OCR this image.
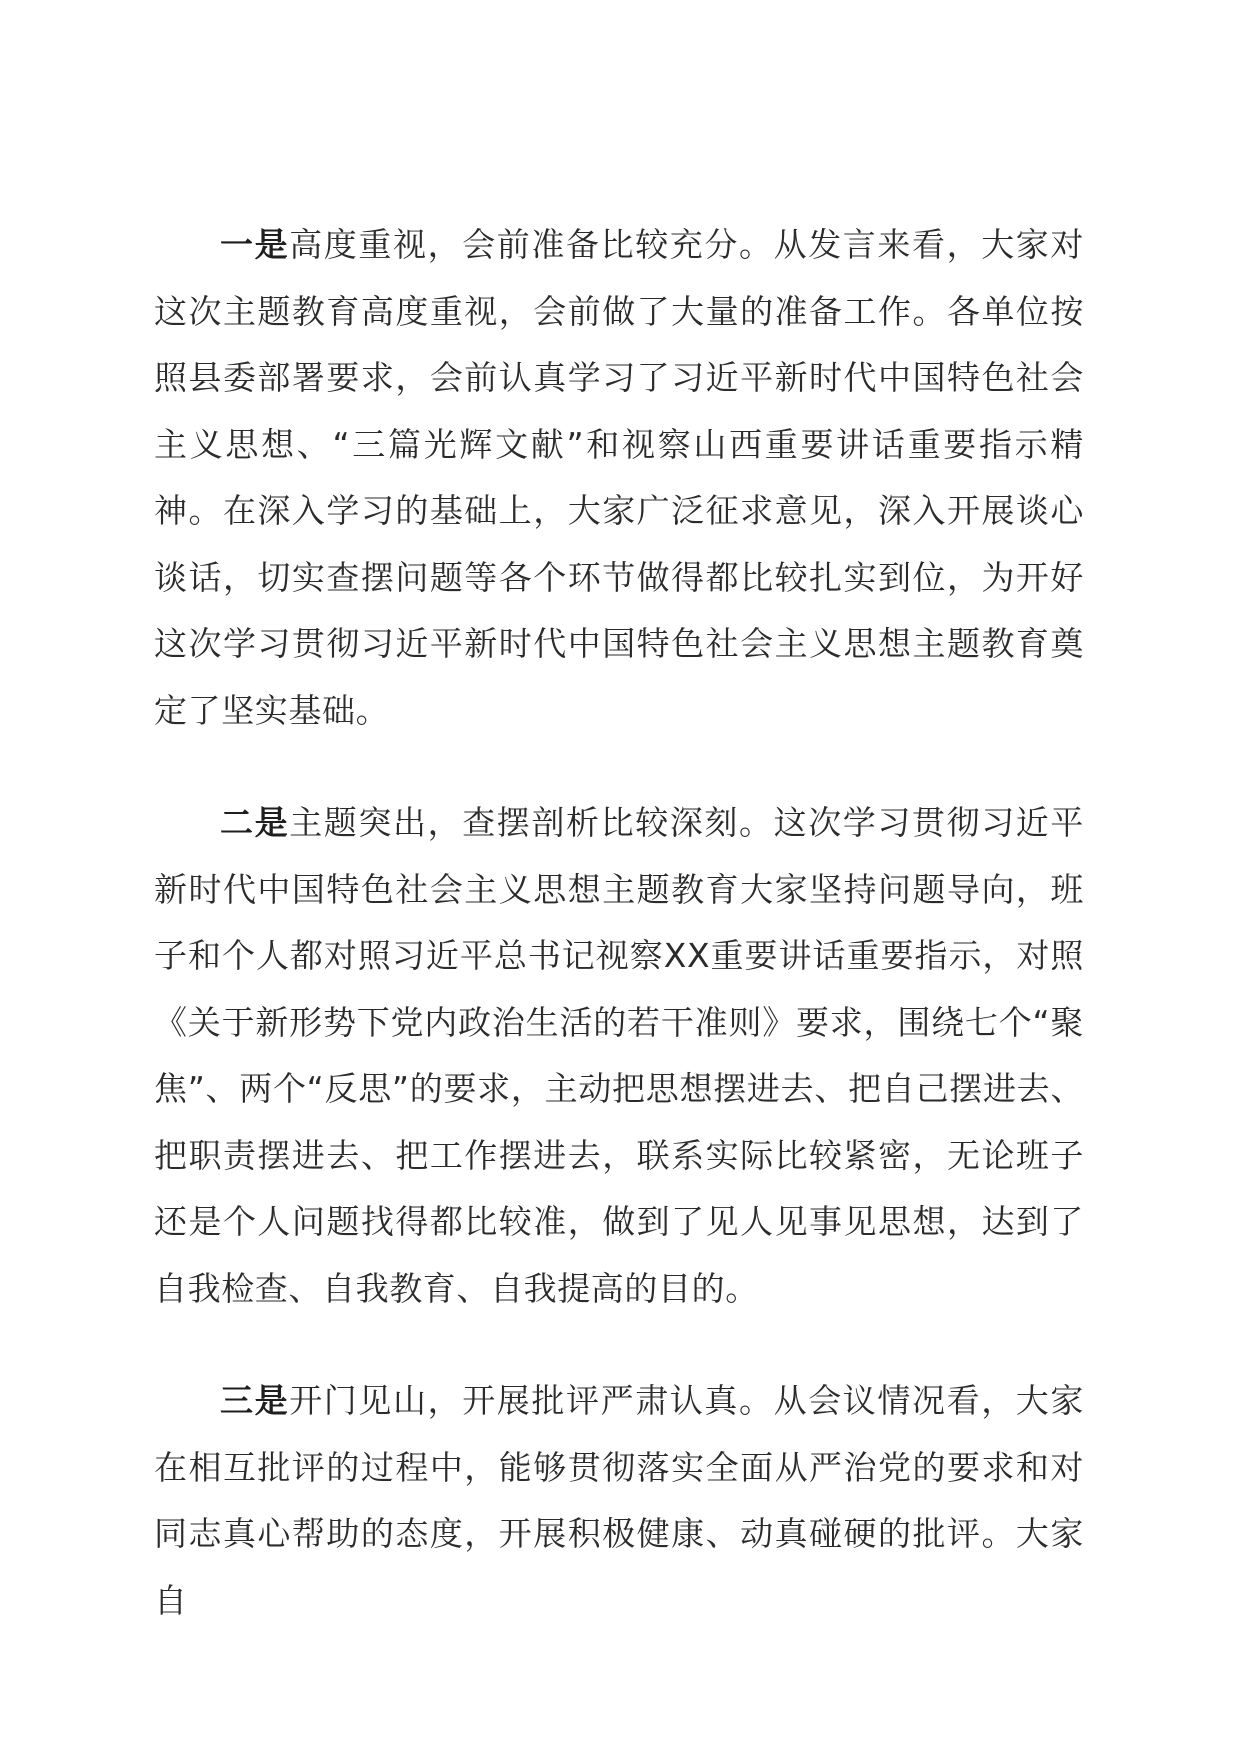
一是高度重视，会前准备比较充分。从发言来看，大家对这次主题教育高度重视，会前做了大量的准备工作。各单位按照县委部署要求，会前认真学习了习近平新时代中国特色社会主义思想、“三篇光辉文献”和视察山西重要讲话重要指示精神。在深入学习的基础上，大家广泛征求意见，深入开展谈心谈话，切实查摆问题等各个环节做得都比较扎实到位，为开好这次学习贯彻习近平新时代中国特色社会主义思想主题教育奠定了坚实基础。

二是主题突出，查摆剖析比较深刻。这次学习贯彻习近平新时代中国特色社会主义思想主题教育大家坚持问题导向，班子和个人都对照习近平总书记视察XX重要讲话重要指示，对照《关于新形势下党内政治生活的若干准则》要求，围绕七个“聚焦”、两个“反思”的要求，主动把思想摆进去、把自己摆进去、把职责摆进去、把工作摆进去，联系实际比较紧密，无论班子还是个人问题找得都比较准，做到了见人见事见思想，达到了自我检查、自我教育、自我提高的目的。

三是开门见山，开展批评严肃认真。从会议情况看，大家在相互批评的过程中，能够贯彻落实全面从严治党的要求和对同志真心帮助的态度，开展积极健康、动真碰硬的批评。大家自
